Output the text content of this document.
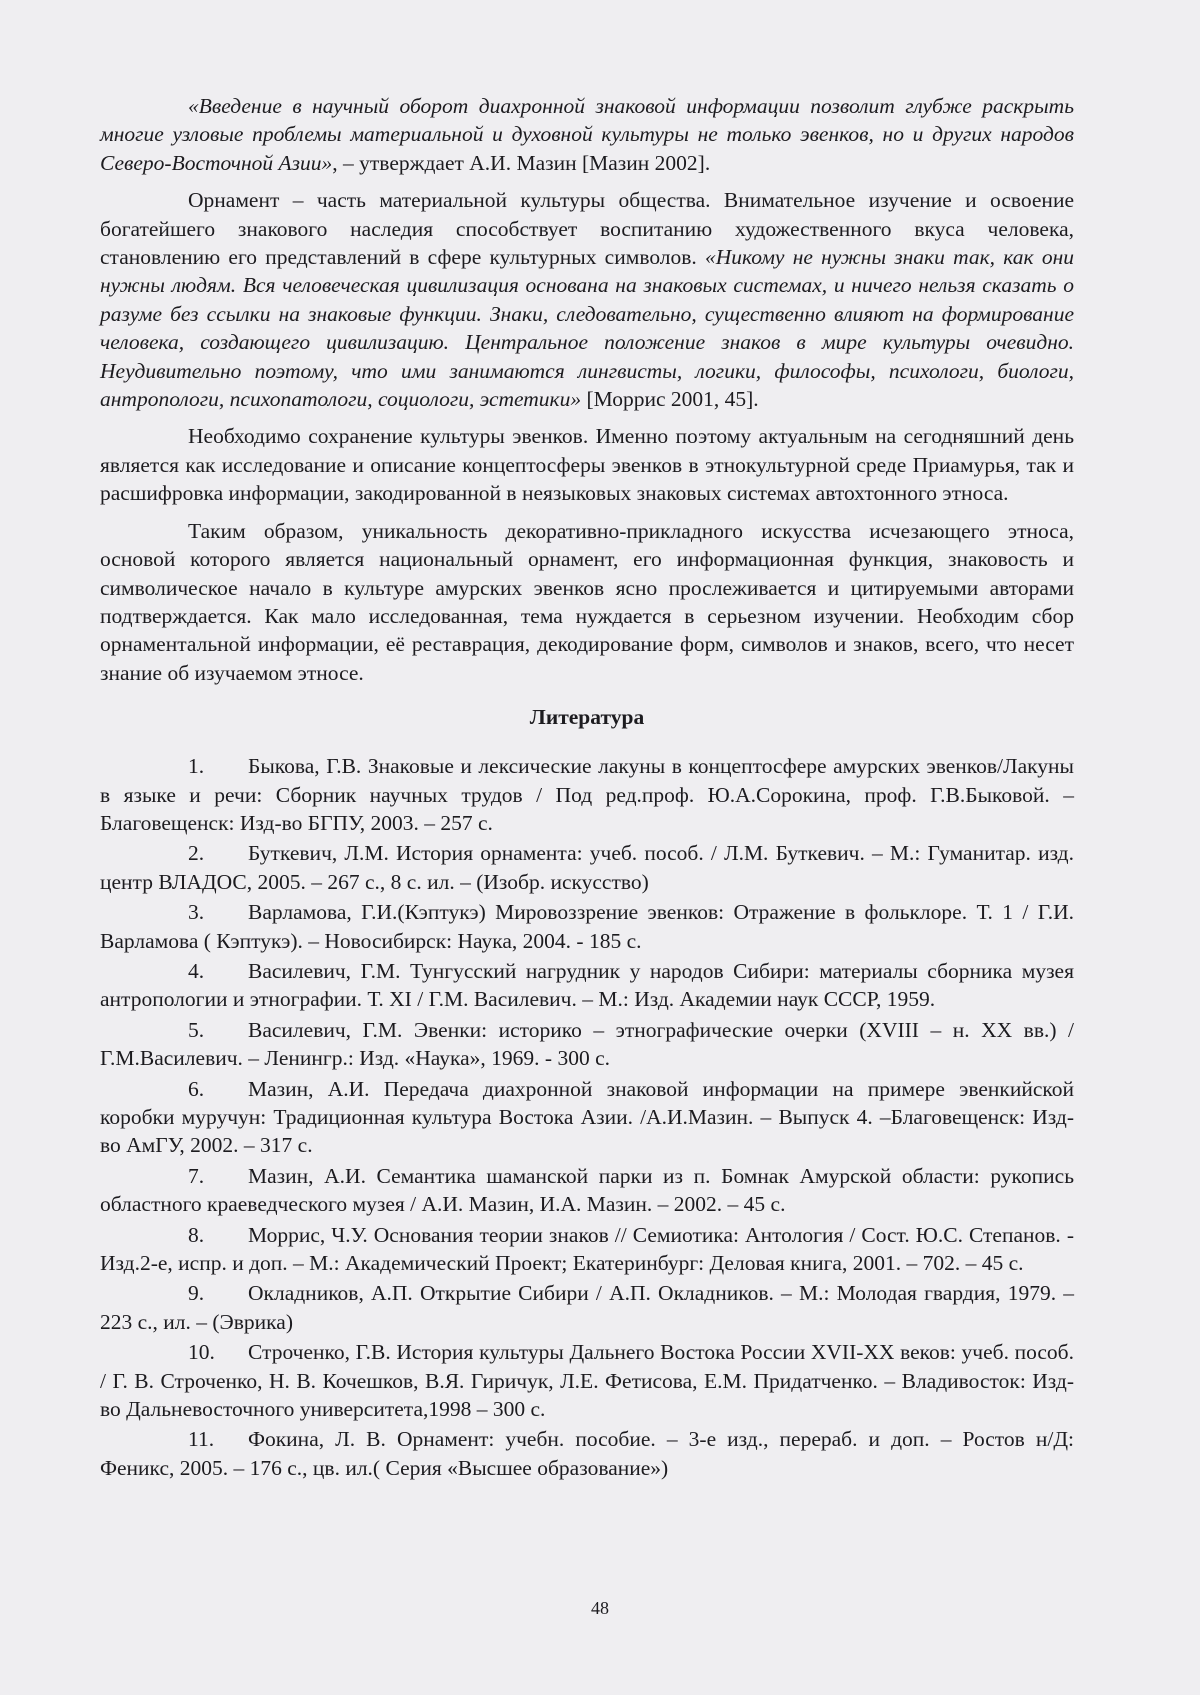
«Введение в научный оборот диахронной знаковой информации позволит глубже раскрыть многие узловые проблемы материальной и духовной культуры не только эвенков, но и других народов Северо-Восточной Азии», – утверждает А.И. Мазин [Мазин 2002].

Орнамент – часть материальной культуры общества. Внимательное изучение и освоение богатейшего знакового наследия способствует воспитанию художественного вкуса человека, становлению его представлений в сфере культурных символов. «Никому не нужны знаки так, как они нужны людям. Вся человеческая цивилизация основана на знаковых системах, и ничего нельзя сказать о разуме без ссылки на знаковые функции. Знаки, следовательно, существенно влияют на формирование человека, создающего цивилизацию. Центральное положение знаков в мире культуры очевидно. Неудивительно поэтому, что ими занимаются лингвисты, логики, философы, психологи, биологи, антропологи, психопатологи, социологи, эстетики» [Моррис 2001, 45].

Необходимо сохранение культуры эвенков. Именно поэтому актуальным на сегодняшний день является как исследование и описание концептосферы эвенков в этнокультурной среде Приамурья, так и расшифровка информации, закодированной в неязыковых знаковых системах автохтонного этноса.

Таким образом, уникальность декоративно-прикладного искусства исчезающего этноса, основой которого является национальный орнамент, его информационная функция, знаковость и символическое начало в культуре амурских эвенков ясно прослеживается и цитируемыми авторами подтверждается. Как мало исследованная, тема нуждается в серьезном изучении. Необходим сбор орнаментальной информации, её реставрация, декодирование форм, символов и знаков, всего, что несет знание об изучаемом этносе.

Литература

1. Быкова, Г.В. Знаковые и лексические лакуны в концептосфере амурских эвенков/Лакуны в языке и речи: Сборник научных трудов / Под ред.проф. Ю.А.Сорокина, проф. Г.В.Быковой. – Благовещенск: Изд-во БГПУ, 2003. – 257 с.

2. Буткевич, Л.М. История орнамента: учеб. пособ. / Л.М. Буткевич. – М.: Гуманитар. изд. центр ВЛАДОС, 2005. – 267 с., 8 с. ил. – (Изобр. искусство)

3. Варламова, Г.И.(Кэптукэ) Мировоззрение эвенков: Отражение в фольклоре. Т. 1 / Г.И. Варламова ( Кэптукэ). – Новосибирск: Наука, 2004. - 185 с.

4. Василевич, Г.М. Тунгусский нагрудник у народов Сибири: материалы сборника музея антропологии и этнографии. Т. XI / Г.М. Василевич. – М.: Изд. Академии наук СССР, 1959.

5. Василевич, Г.М. Эвенки: историко – этнографические очерки (XVIII – н. XX вв.) / Г.М.Василевич. – Ленингр.: Изд. «Наука», 1969. - 300 с.

6. Мазин, А.И. Передача диахронной знаковой информации на примере эвенкийской коробки муручун: Традиционная культура Востока Азии. /А.И.Мазин. – Выпуск 4. –Благовещенск: Изд-во АмГУ, 2002. – 317 с.

7. Мазин, А.И. Семантика шаманской парки из п. Бомнак Амурской области: рукопись областного краеведческого музея / А.И. Мазин, И.А. Мазин. – 2002. – 45 с.

8. Моррис, Ч.У. Основания теории знаков // Семиотика: Антология / Сост. Ю.С. Степанов. - Изд.2-е, испр. и доп. – М.: Академический Проект; Екатеринбург: Деловая книга, 2001. – 702. – 45 с.

9. Окладников, А.П. Открытие Сибири / А.П. Окладников. – М.: Молодая гвардия, 1979. – 223 с., ил. – (Эврика)

10. Строченко, Г.В. История культуры Дальнего Востока России XVII-XX веков: учеб. пособ. / Г. В. Строченко, Н. В. Кочешков, В.Я. Гиричук, Л.Е. Фетисова, Е.М. Придатченко. – Владивосток: Изд-во Дальневосточного университета,1998 – 300 с.

11. Фокина, Л. В. Орнамент: учебн. пособие. – 3-е изд., перераб. и доп. – Ростов н/Д: Феникс, 2005. – 176 с., цв. ил.( Серия «Высшее образование»)

48
